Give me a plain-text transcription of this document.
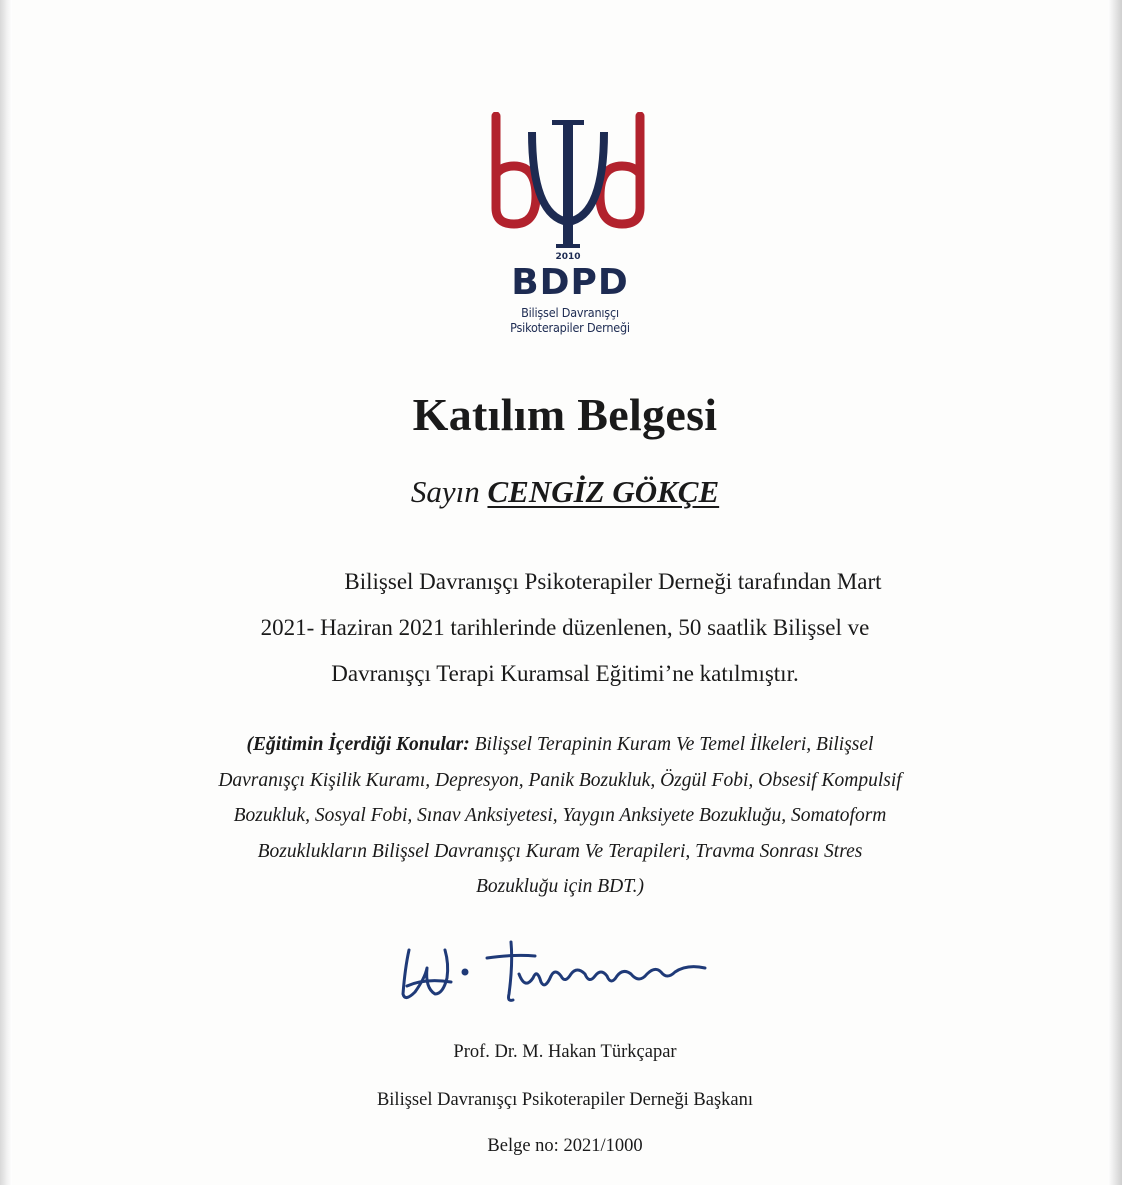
2010
BDPD
Bilişsel Davranışçı
Psikoterapiler Derneği
Katılım Belgesi
Sayın CENGİZ GÖKÇE
Bilişsel Davranışçı Psikoterapiler Derneği tarafından Mart
2021- Haziran 2021 tarihlerinde düzenlenen, 50 saatlik Bilişsel ve
Davranışçı Terapi Kuramsal Eğitimi’ne katılmıştır.
(Eğitimin İçerdiği Konular: Bilişsel Terapinin Kuram Ve Temel İlkeleri, Bilişsel
Davranışçı Kişilik Kuramı, Depresyon, Panik Bozukluk, Özgül Fobi, Obsesif Kompulsif
Bozukluk, Sosyal Fobi, Sınav Anksiyetesi, Yaygın Anksiyete Bozukluğu, Somatoform
Bozuklukların Bilişsel Davranışçı Kuram Ve Terapileri, Travma Sonrası Stres
Bozukluğu için BDT.)
Prof. Dr. M. Hakan Türkçapar
Bilişsel Davranışçı Psikoterapiler Derneği Başkanı
Belge no: 2021/1000
